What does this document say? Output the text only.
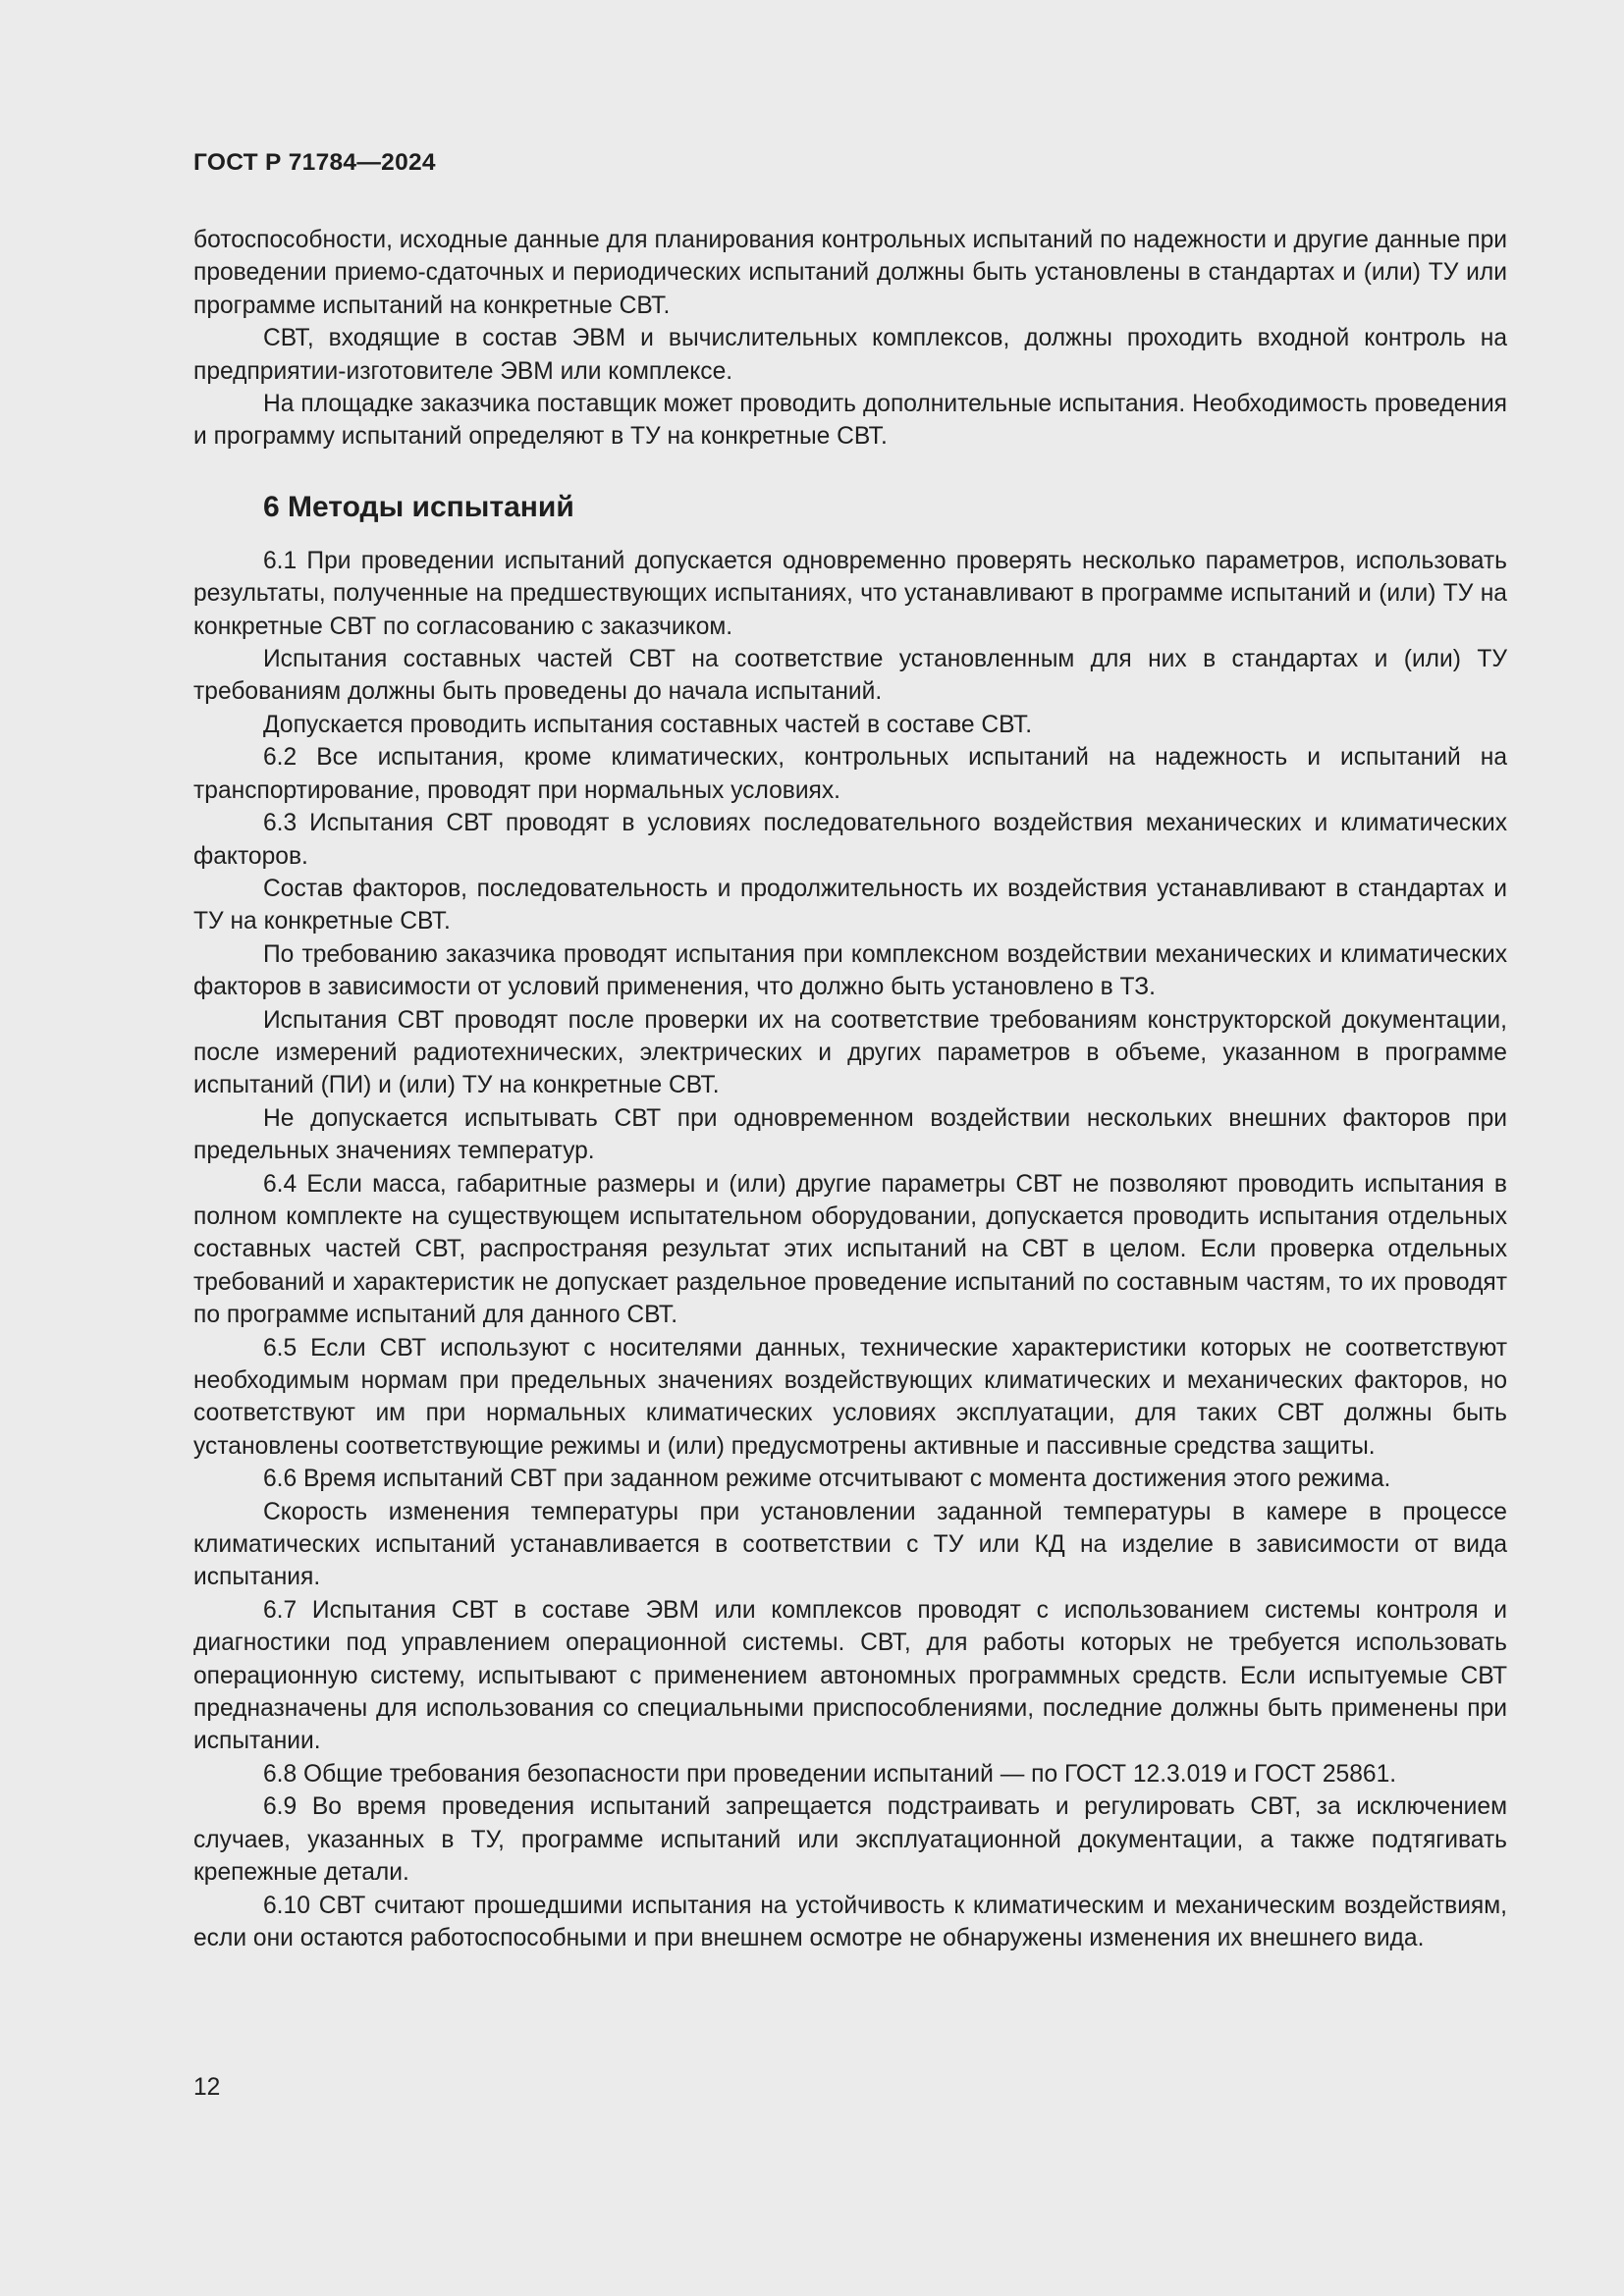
ГОСТ Р 71784—2024

ботоспособности, исходные данные для планирования контрольных испытаний по надежности и другие данные при проведении приемо-сдаточных и периодических испытаний должны быть установлены в стандартах и (или) ТУ или программе испытаний на конкретные СВТ.

СВТ, входящие в состав ЭВМ и вычислительных комплексов, должны проходить входной контроль на предприятии-изготовителе ЭВМ или комплексе.

На площадке заказчика поставщик может проводить дополнительные испытания. Необходимость проведения и программу испытаний определяют в ТУ на конкретные СВТ.

6 Методы испытаний

6.1 При проведении испытаний допускается одновременно проверять несколько параметров, использовать результаты, полученные на предшествующих испытаниях, что устанавливают в программе испытаний и (или) ТУ на конкретные СВТ по согласованию с заказчиком.

Испытания составных частей СВТ на соответствие установленным для них в стандартах и (или) ТУ требованиям должны быть проведены до начала испытаний.

Допускается проводить испытания составных частей в составе СВТ.

6.2 Все испытания, кроме климатических, контрольных испытаний на надежность и испытаний на транспортирование, проводят при нормальных условиях.

6.3 Испытания СВТ проводят в условиях последовательного воздействия механических и климатических факторов.

Состав факторов, последовательность и продолжительность их воздействия устанавливают в стандартах и ТУ на конкретные СВТ.

По требованию заказчика проводят испытания при комплексном воздействии механических и климатических факторов в зависимости от условий применения, что должно быть установлено в ТЗ.

Испытания СВТ проводят после проверки их на соответствие требованиям конструкторской документации, после измерений радиотехнических, электрических и других параметров в объеме, указанном в программе испытаний (ПИ) и (или) ТУ на конкретные СВТ.

Не допускается испытывать СВТ при одновременном воздействии нескольких внешних факторов при предельных значениях температур.

6.4 Если масса, габаритные размеры и (или) другие параметры СВТ не позволяют проводить испытания в полном комплекте на существующем испытательном оборудовании, допускается проводить испытания отдельных составных частей СВТ, распространяя результат этих испытаний на СВТ в целом. Если проверка отдельных требований и характеристик не допускает раздельное проведение испытаний по составным частям, то их проводят по программе испытаний для данного СВТ.

6.5 Если СВТ используют с носителями данных, технические характеристики которых не соответствуют необходимым нормам при предельных значениях воздействующих климатических и механических факторов, но соответствуют им при нормальных климатических условиях эксплуатации, для таких СВТ должны быть установлены соответствующие режимы и (или) предусмотрены активные и пассивные средства защиты.

6.6 Время испытаний СВТ при заданном режиме отсчитывают с момента достижения этого режима.

Скорость изменения температуры при установлении заданной температуры в камере в процессе климатических испытаний устанавливается в соответствии с ТУ или КД на изделие в зависимости от вида испытания.

6.7 Испытания СВТ в составе ЭВМ или комплексов проводят с использованием системы контроля и диагностики под управлением операционной системы. СВТ, для работы которых не требуется использовать операционную систему, испытывают с применением автономных программных средств. Если испытуемые СВТ предназначены для использования со специальными приспособлениями, последние должны быть применены при испытании.

6.8 Общие требования безопасности при проведении испытаний — по ГОСТ 12.3.019 и ГОСТ 25861.

6.9 Во время проведения испытаний запрещается подстраивать и регулировать СВТ, за исключением случаев, указанных в ТУ, программе испытаний или эксплуатационной документации, а также подтягивать крепежные детали.

6.10 СВТ считают прошедшими испытания на устойчивость к климатическим и механическим воздействиям, если они остаются работоспособными и при внешнем осмотре не обнаружены изменения их внешнего вида.

12
